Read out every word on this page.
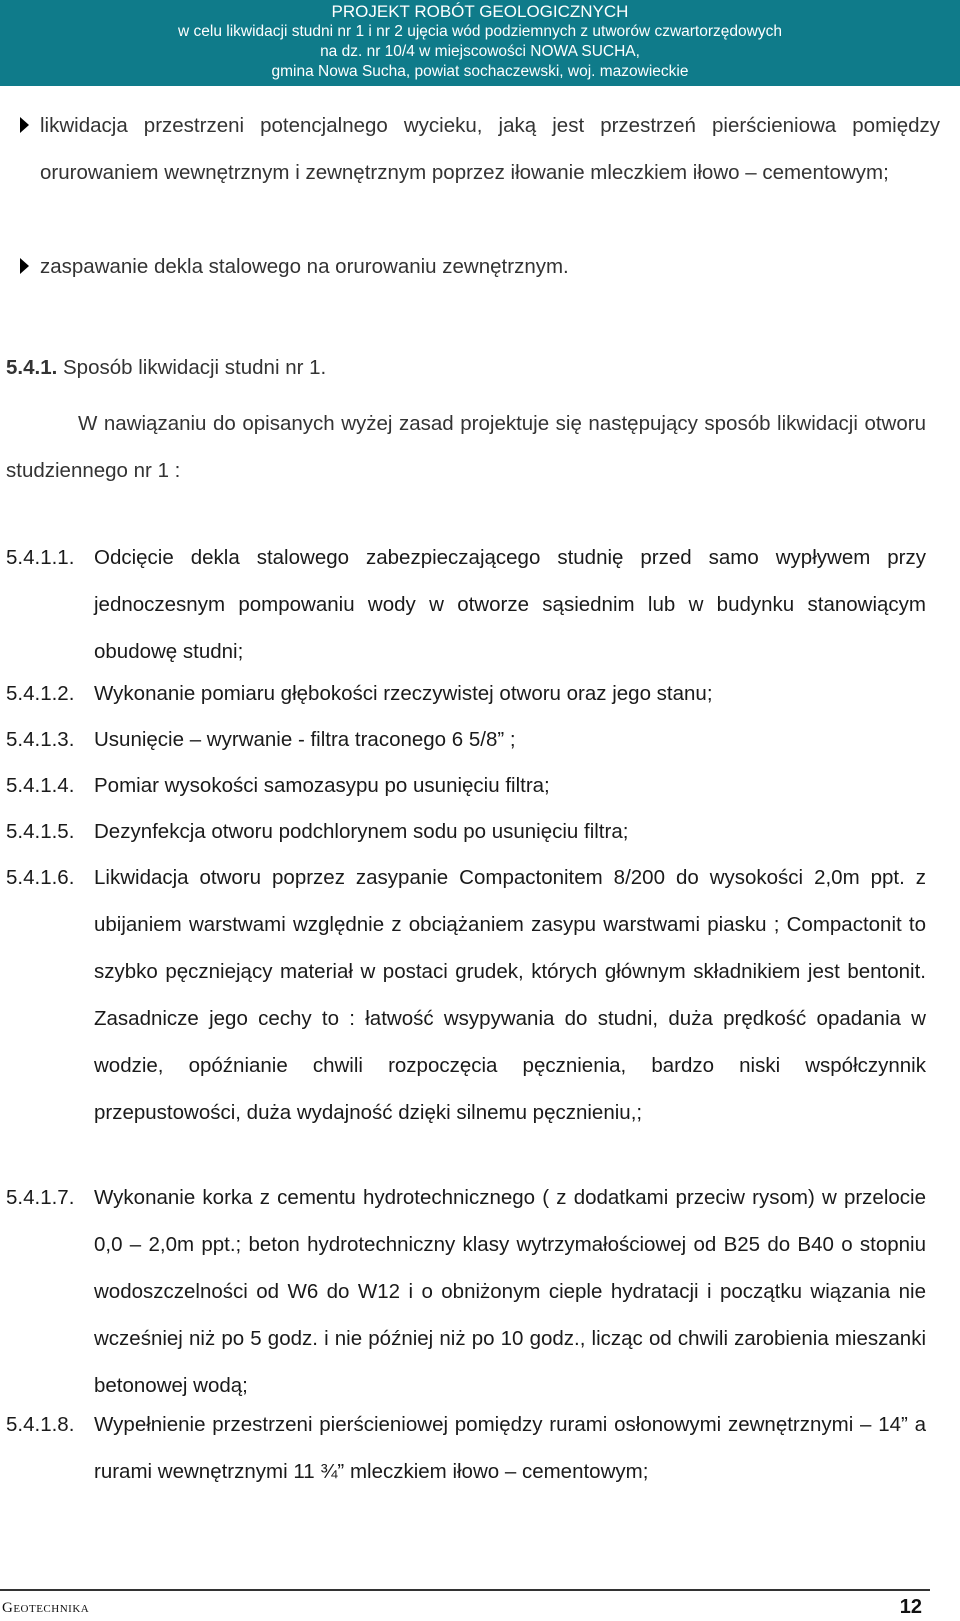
PROJEKT ROBÓT GEOLOGICZNYCH
w celu likwidacji studni nr 1 i nr 2 ujęcia wód podziemnych z utworów czwartorzędowych
na dz. nr 10/4 w miejscowości NOWA SUCHA,
gmina Nowa Sucha, powiat sochaczewski, woj. mazowieckie
likwidacja przestrzeni potencjalnego wycieku, jaką jest przestrzeń pierścieniowa pomiędzy orurowaniem wewnętrznym i zewnętrznym poprzez iłowanie mleczkiem iłowo – cementowym;
zaspawanie dekla stalowego na orurowaniu zewnętrznym.
5.4.1. Sposób likwidacji studni nr 1.
W nawiązaniu do opisanych wyżej zasad projektuje się następujący sposób likwidacji otworu studziennego nr 1 :
5.4.1.1. Odcięcie dekla stalowego zabezpieczającego studnię przed samo wypływem przy jednoczesnym pompowaniu wody w otworze sąsiednim lub w budynku stanowiącym obudowę studni;
5.4.1.2. Wykonanie pomiaru głębokości rzeczywistej otworu oraz jego stanu;
5.4.1.3. Usunięcie – wyrwanie - filtra traconego 6 5/8” ;
5.4.1.4. Pomiar wysokości samozasypu po usunięciu filtra;
5.4.1.5. Dezynfekcja otworu podchlorynem sodu po usunięciu filtra;
5.4.1.6. Likwidacja otworu poprzez zasypanie Compactonitem 8/200 do wysokości 2,0m ppt. z ubijaniem warstwami względnie z obciążaniem zasypu warstwami piasku ; Compactonit to szybko pęczniejący materiał w postaci grudek, których głównym składnikiem jest bentonit. Zasadnicze jego cechy to : łatwość wsypywania do studni, duża prędkość opadania w wodzie, opóźnianie chwili rozpoczęcia pęcznienia, bardzo niski współczynnik przepustowości, duża wydajność dzięki silnemu pęcznieniu,;
5.4.1.7. Wykonanie korka z cementu hydrotechnicznego ( z dodatkami przeciw rysom) w przelocie 0,0 – 2,0m ppt.; beton hydrotechniczny klasy wytrzymałościowej od B25 do B40 o stopniu wodoszczelności od W6 do W12 i o obniżonym cieple hydratacji i początku wiązania nie wcześniej niż po 5 godz. i nie później niż po 10 godz., licząc od chwili zarobienia mieszanki betonowej wodą;
5.4.1.8. Wypełnienie przestrzeni pierścieniowej pomiędzy rurami osłonowymi zewnętrznymi – 14” a rurami wewnętrznymi 11 ¾” mleczkiem iłowo – cementowym;
Geotechnika	12
